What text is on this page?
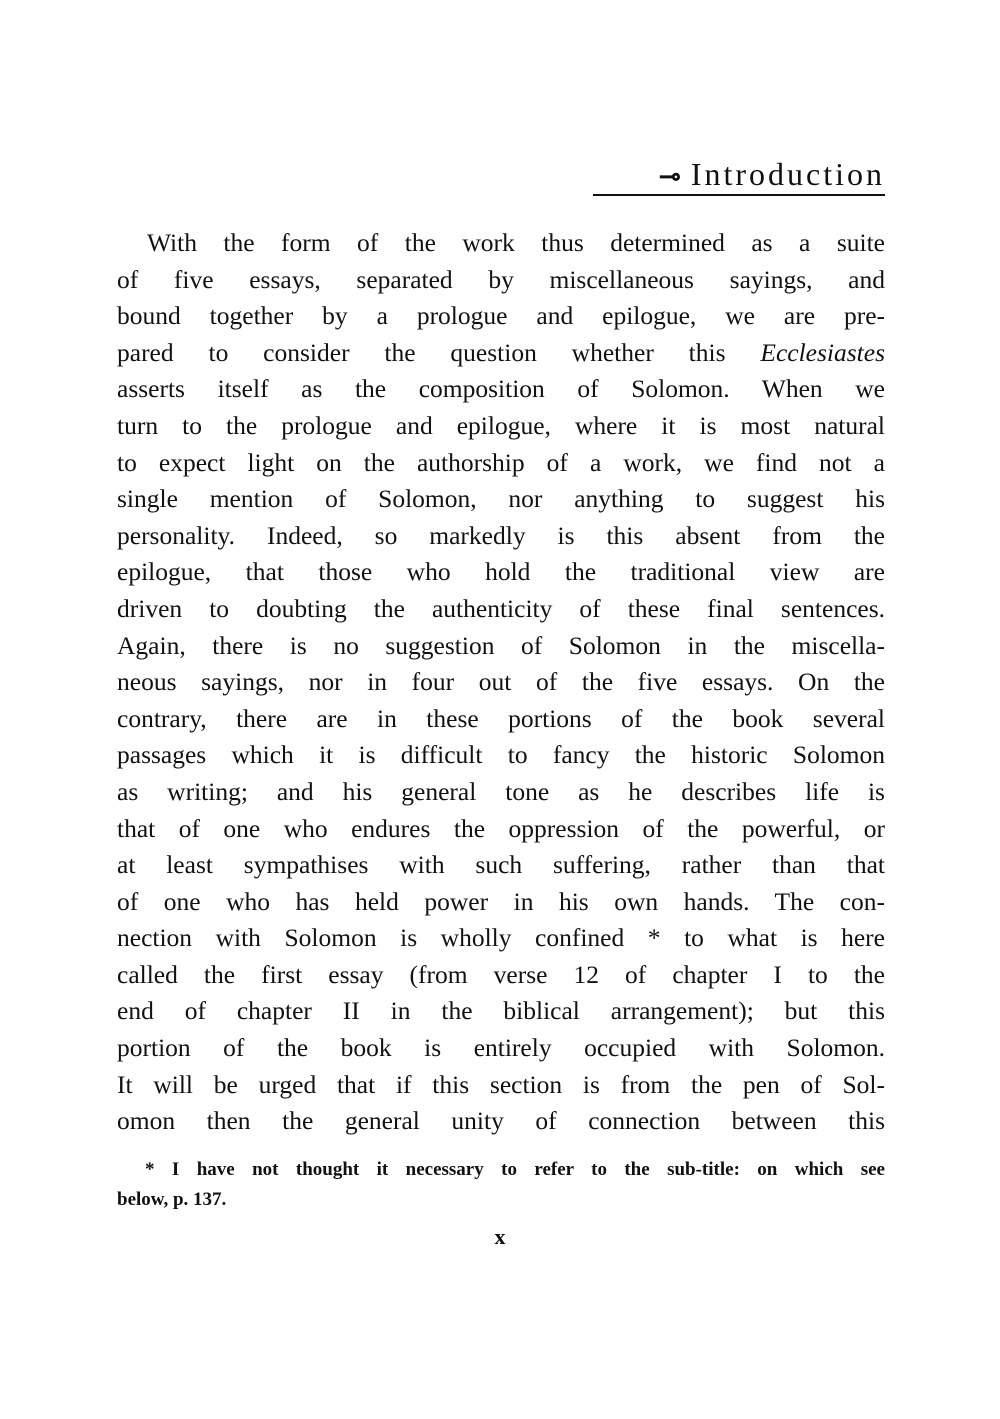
⊸ Introduction
With the form of the work thus determined as a suite
of five essays, separated by miscellaneous sayings, and
bound together by a prologue and epilogue, we are pre-
pared to consider the question whether this Ecclesiastes
asserts itself as the composition of Solomon. When we
turn to the prologue and epilogue, where it is most natural
to expect light on the authorship of a work, we find not a
single mention of Solomon, nor anything to suggest his
personality. Indeed, so markedly is this absent from the
epilogue, that those who hold the traditional view are
driven to doubting the authenticity of these final sentences.
Again, there is no suggestion of Solomon in the miscella-
neous sayings, nor in four out of the five essays. On the
contrary, there are in these portions of the book several
passages which it is difficult to fancy the historic Solomon
as writing; and his general tone as he describes life is
that of one who endures the oppression of the powerful, or
at least sympathises with such suffering, rather than that
of one who has held power in his own hands. The con-
nection with Solomon is wholly confined * to what is here
called the first essay (from verse 12 of chapter I to the
end of chapter II in the biblical arrangement); but this
portion of the book is entirely occupied with Solomon.
It will be urged that if this section is from the pen of Sol-
omon then the general unity of connection between this
* I have not thought it necessary to refer to the sub-title: on which see
below, p. 137.
x
